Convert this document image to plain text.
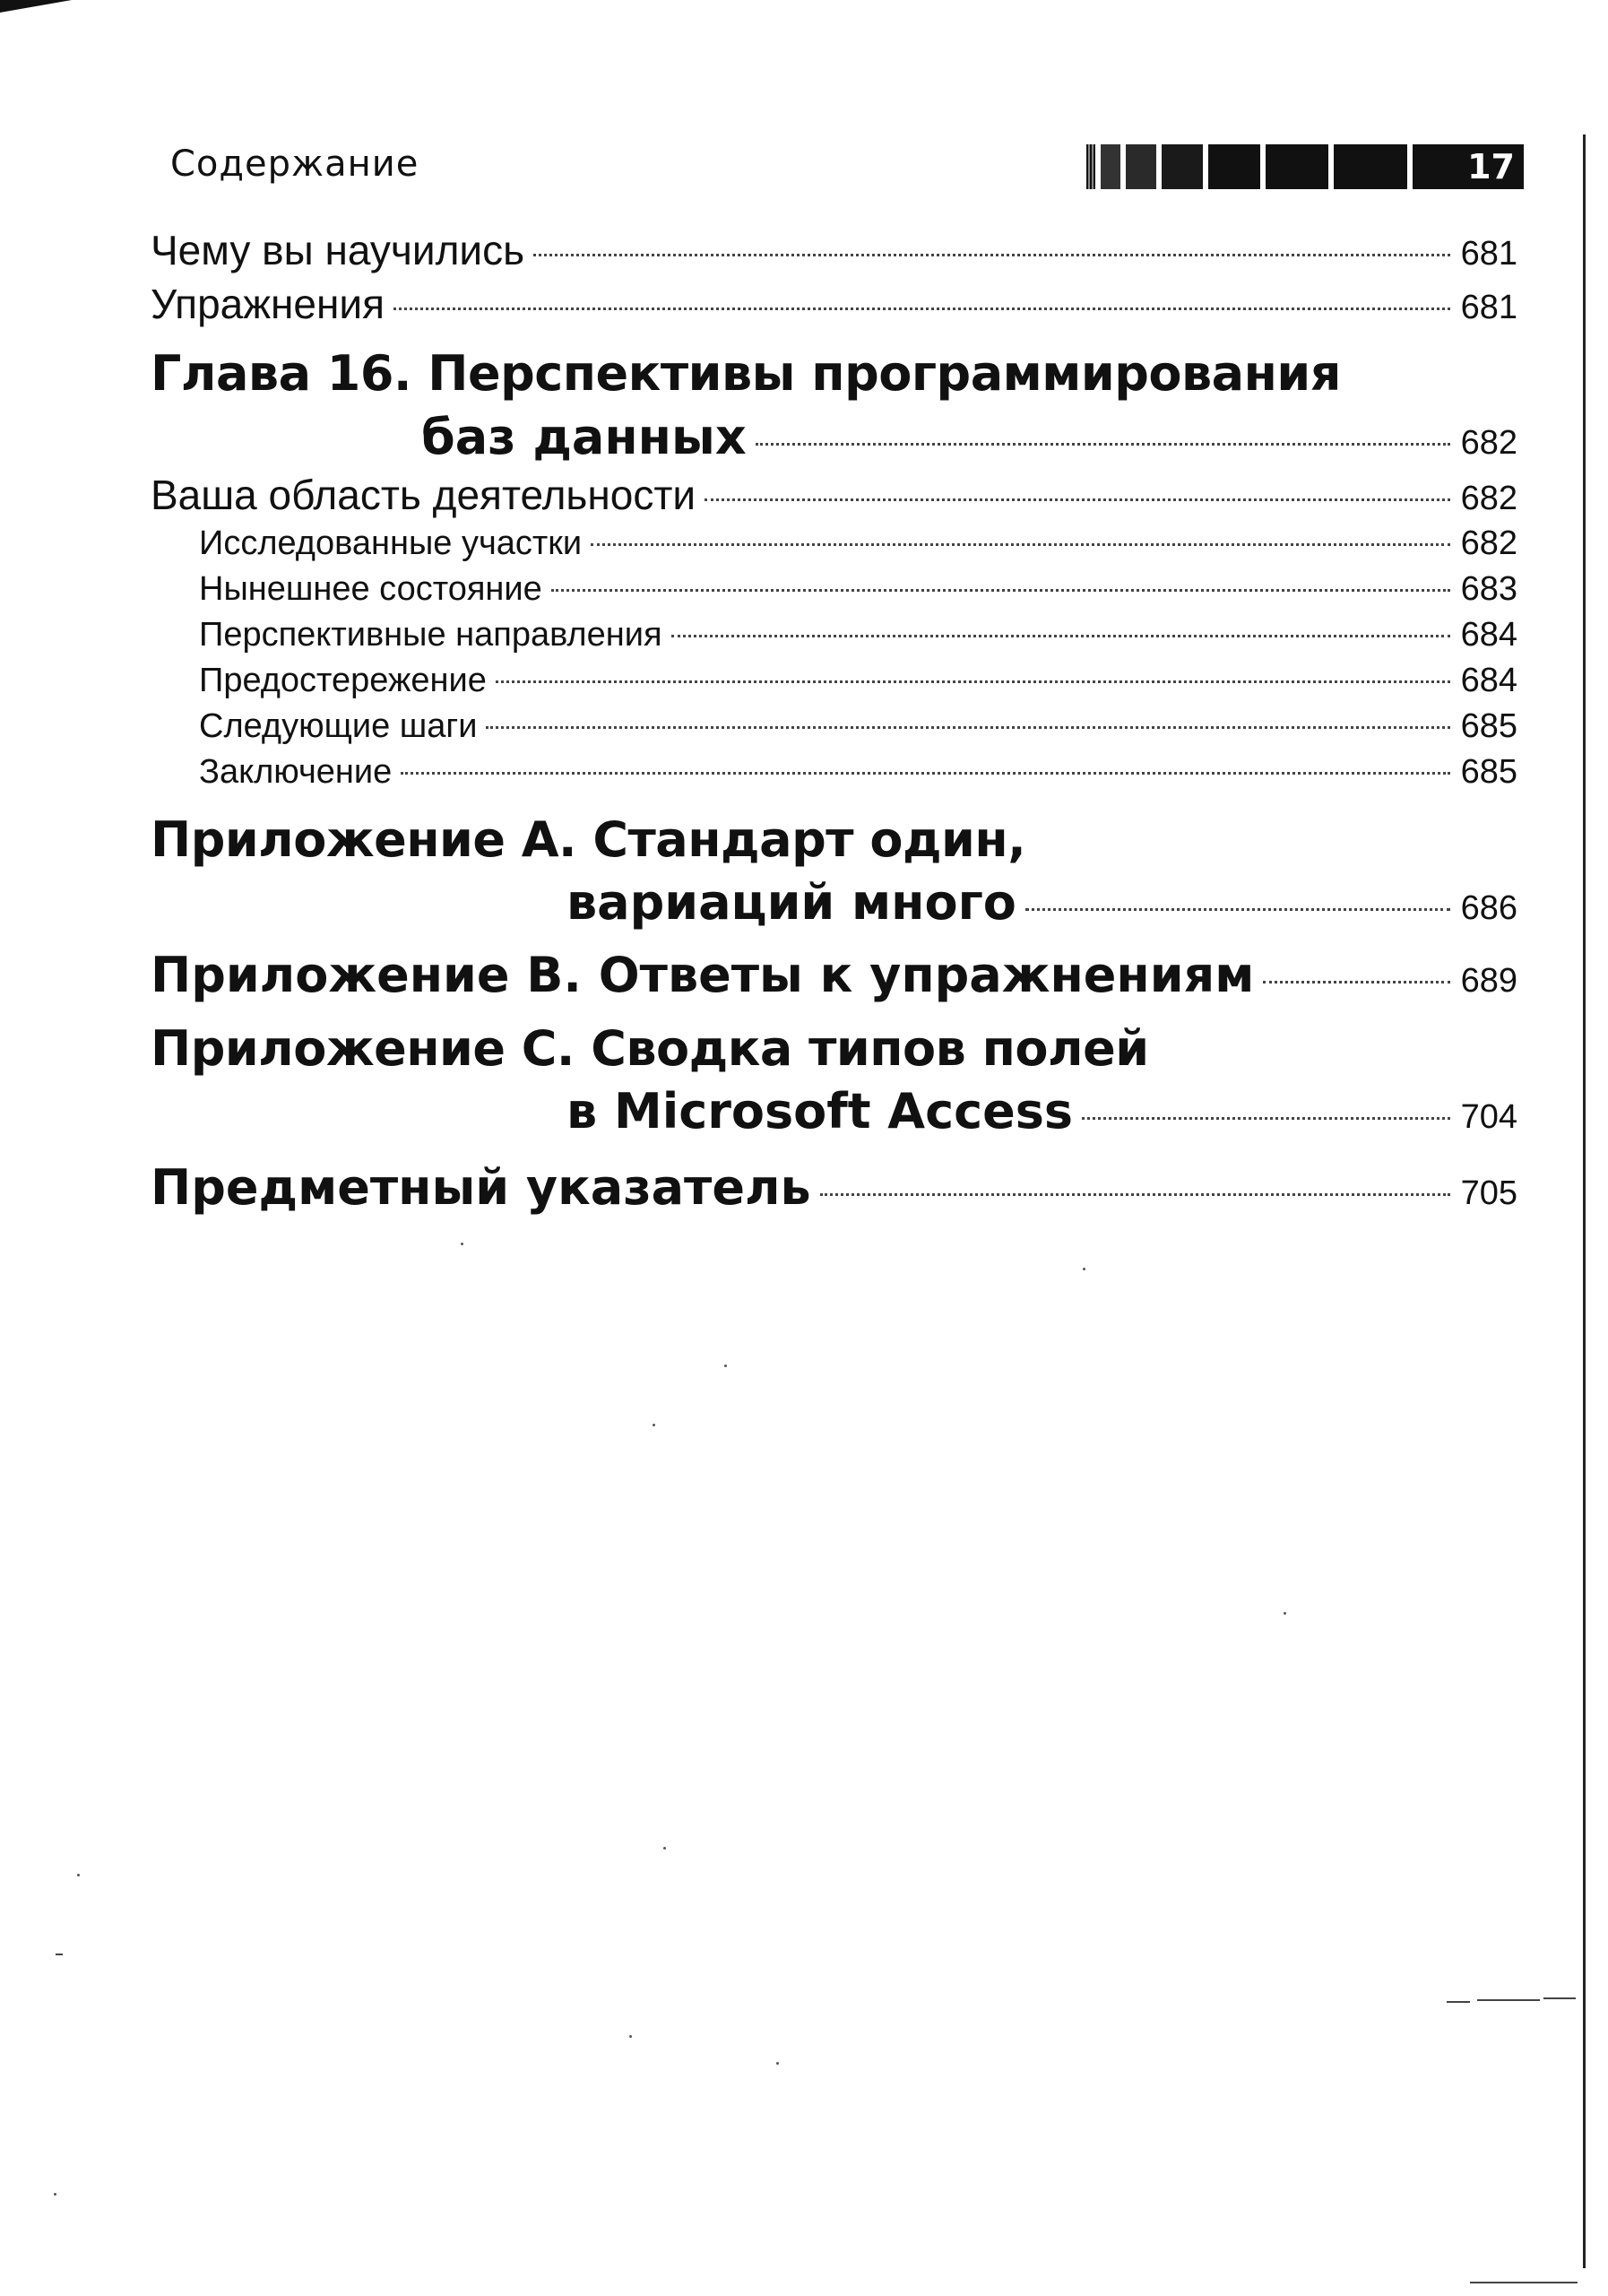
Содержание	17
Чему вы научились	681
Упражнения	681
Глава 16. Перспективы программирования
баз данных	682
Ваша область деятельности	682
Исследованные участки	682
Нынешнее состояние	683
Перспективные направления	684
Предостережение	684
Следующие шаги	685
Заключение	685
Приложение А. Стандарт один,
вариаций много	686
Приложение В. Ответы к упражнениям	689
Приложение С. Сводка типов полей
в Microsoft Access	704
Предметный указатель	705
